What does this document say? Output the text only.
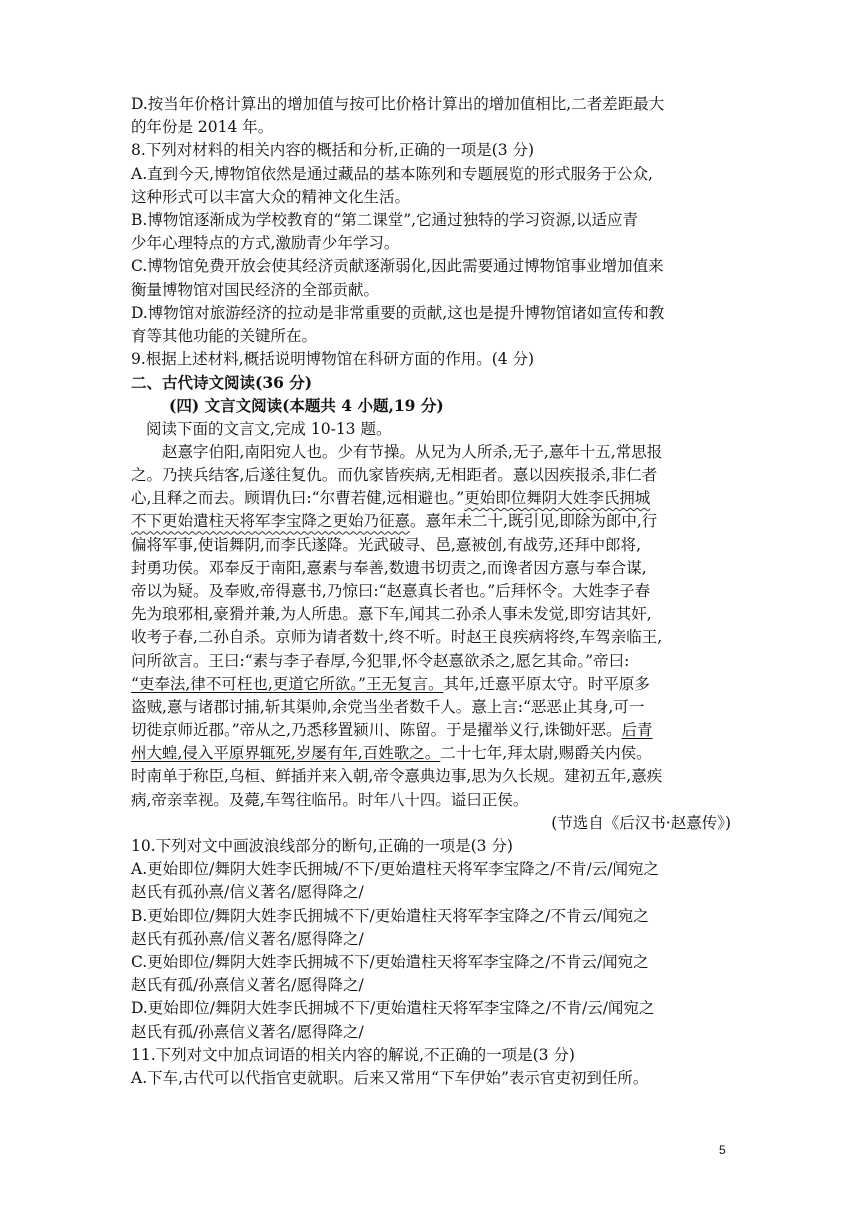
D.按当年价格计算出的增加值与按可比价格计算出的增加值相比,二者差距最大
的年份是 2014 年。
8.下列对材料的相关内容的概括和分析,正确的一项是(3 分)
A.直到今天,博物馆依然是通过藏品的基本陈列和专题展览的形式服务于公众,
这种形式可以丰富大众的精神文化生活。
B.博物馆逐渐成为学校教育的“第二课堂”,它通过独特的学习资源,以适应青
少年心理特点的方式,激励青少年学习。
C.博物馆免费开放会使其经济贡献逐渐弱化,因此需要通过博物馆事业增加值来
衡量博物馆对国民经济的全部贡献。
D.博物馆对旅游经济的拉动是非常重要的贡献,这也是提升博物馆诸如宣传和教
育等其他功能的关键所在。
9.根据上述材料,概括说明博物馆在科研方面的作用。(4 分)
二、古代诗文阅读(36 分)
(四) 文言文阅读(本题共 4 小题,19 分)
阅读下面的文言文,完成 10-13 题。
赵憙字伯阳,南阳宛人也。少有节操。从兄为人所杀,无子,憙年十五,常思报
之。乃挟兵结客,后遂往复仇。而仇家皆疾病,无相距者。憙以因疾报杀,非仁者
心,且释之而去。顾谓仇曰:“尔曹若健,远相避也。”更始即位舞阴大姓李氏拥城
不下更始遣柱天将军李宝降之更始乃征憙。憙年未二十,既引见,即除为郎中,行
偏将军事,使诣舞阴,而李氏遂降。光武破寻、邑,憙被创,有战劳,还拜中郎将,
封勇功侯。邓奉反于南阳,憙素与奉善,数遗书切责之,而谗者因方憙与奉合谋,
帝以为疑。及奉败,帝得憙书,乃惊曰:“赵憙真长者也。”后拜怀令。大姓李子春
先为琅邪相,豪猾并兼,为人所患。憙下车,闻其二孙杀人事未发觉,即穷诘其奸,
收考子春,二孙自杀。京师为请者数十,终不听。时赵王良疾病将终,车驾亲临王,
问所欲言。王曰:“素与李子春厚,今犯罪,怀令赵憙欲杀之,愿乞其命。”帝曰:
“吏奉法,律不可枉也,更道它所欲。”王无复言。其年,迁憙平原太守。时平原多
盗贼,憙与诸郡讨捕,斩其渠帅,余党当坐者数千人。憙上言:“恶恶止其身,可一
切徙京师近郡。”帝从之,乃悉移置颍川、陈留。于是擢举义行,诛锄奸恶。后青
州大蝗,侵入平原界辄死,岁屡有年,百姓歌之。二十七年,拜太尉,赐爵关内侯。
时南单于称臣,乌桓、鲜插并来入朝,帝令憙典边事,思为久长规。建初五年,憙疾
病,帝亲幸视。及薨,车驾往临吊。时年八十四。谥曰正侯。
(节选自《后汉书·赵憙传》)
10.下列对文中画波浪线部分的断句,正确的一项是(3 分)
A.更始即位/舞阴大姓李氏拥城/不下/更始遣柱天将军李宝降之/不肯/云/闻宛之
赵氏有孤孙熹/信义著名/愿得降之/
B.更始即位/舞阴大姓李氏拥城不下/更始遣柱天将军李宝降之/不肯云/闻宛之
赵氏有孤孙熹/信义著名/愿得降之/
C.更始即位/舞阴大姓李氏拥城不下/更始遣柱天将军李宝降之/不肯云/闻宛之
赵氏有孤/孙熹信义著名/愿得降之/
D.更始即位/舞阴大姓李氏拥城不下/更始遣柱天将军李宝降之/不肯/云/闻宛之
赵氏有孤/孙熹信义著名/愿得降之/
11.下列对文中加点词语的相关内容的解说,不正确的一项是(3 分)
A.下车,古代可以代指官吏就职。后来又常用“下车伊始”表示官吏初到任所。
5
